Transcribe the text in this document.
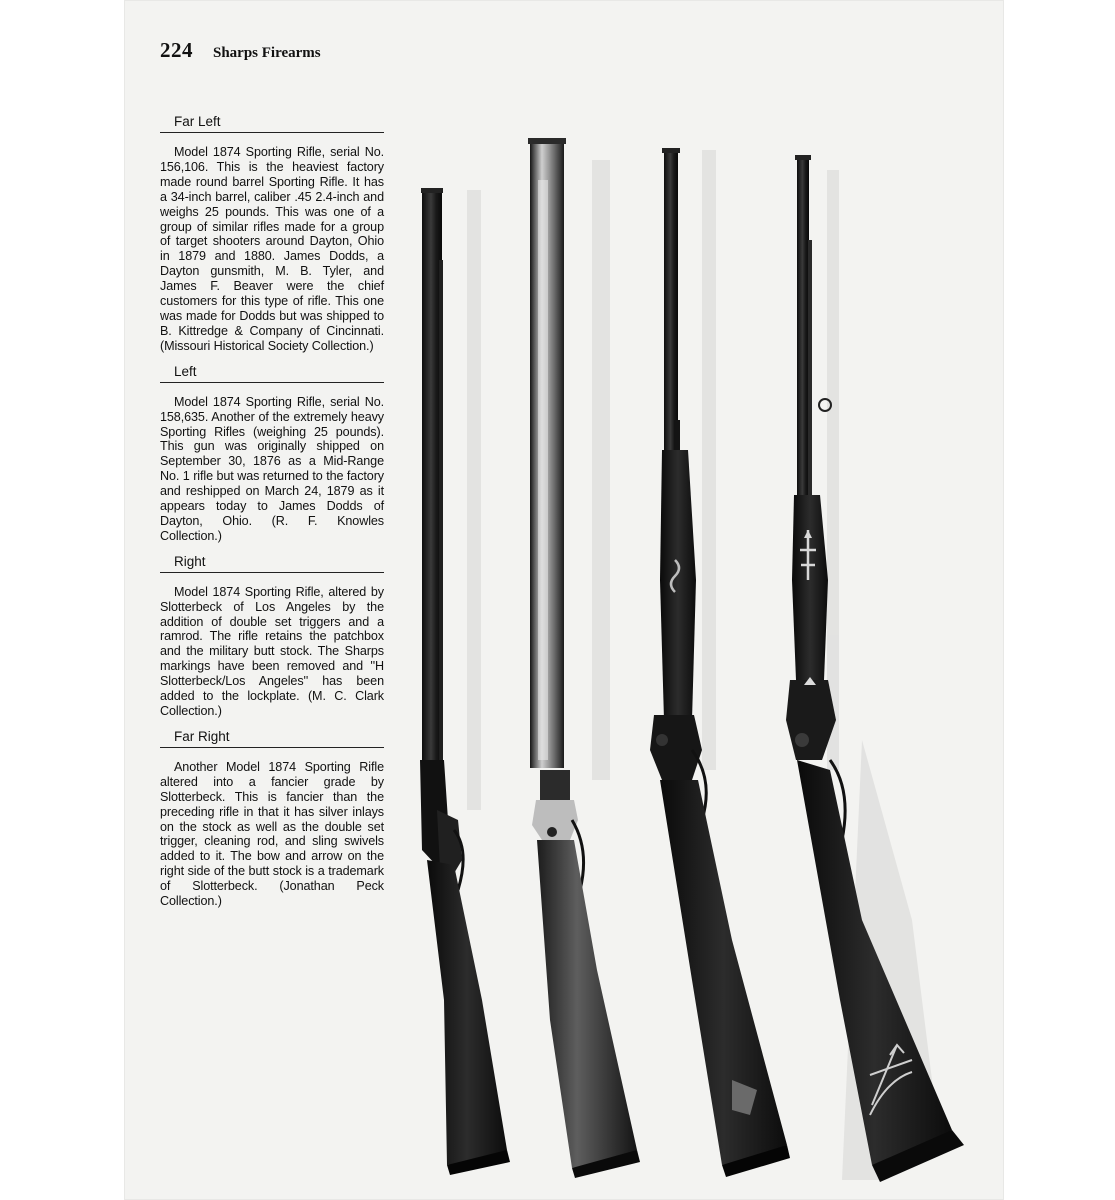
224 Sharps Firearms
Far Left

Model 1874 Sporting Rifle, serial No. 156,106. This is the heaviest factory made round barrel Sporting Rifle. It has a 34-inch barrel, caliber .45 2.4-inch and weighs 25 pounds. This was one of a group of similar rifles made for a group of target shooters around Dayton, Ohio in 1879 and 1880. James Dodds, a Dayton gunsmith, M. B. Tyler, and James F. Beaver were the chief customers for this type of rifle. This one was made for Dodds but was shipped to B. Kittredge & Company of Cincinnati. (Missouri Historical Society Collection.)

Left

Model 1874 Sporting Rifle, serial No. 158,635. Another of the extremely heavy Sporting Rifles (weighing 25 pounds). This gun was originally shipped on September 30, 1876 as a Mid-Range No. 1 rifle but was returned to the factory and reshipped on March 24, 1879 as it appears today to James Dodds of Dayton, Ohio. (R. F. Knowles Collection.)

Right

Model 1874 Sporting Rifle, altered by Slotterbeck of Los Angeles by the addition of double set triggers and a ramrod. The rifle retains the patchbox and the military butt stock. The Sharps markings have been removed and ''H Slotterbeck/Los Angeles'' has been added to the lockplate. (M. C. Clark Collection.)

Far Right

Another Model 1874 Sporting Rifle altered into a fancier grade by Slotterbeck. This is fancier than the preceding rifle in that it has silver inlays on the stock as well as the double set trigger, cleaning rod, and sling swivels added to it. The bow and arrow on the right side of the butt stock is a trademark of Slotterbeck. (Jonathan Peck Collection.)
